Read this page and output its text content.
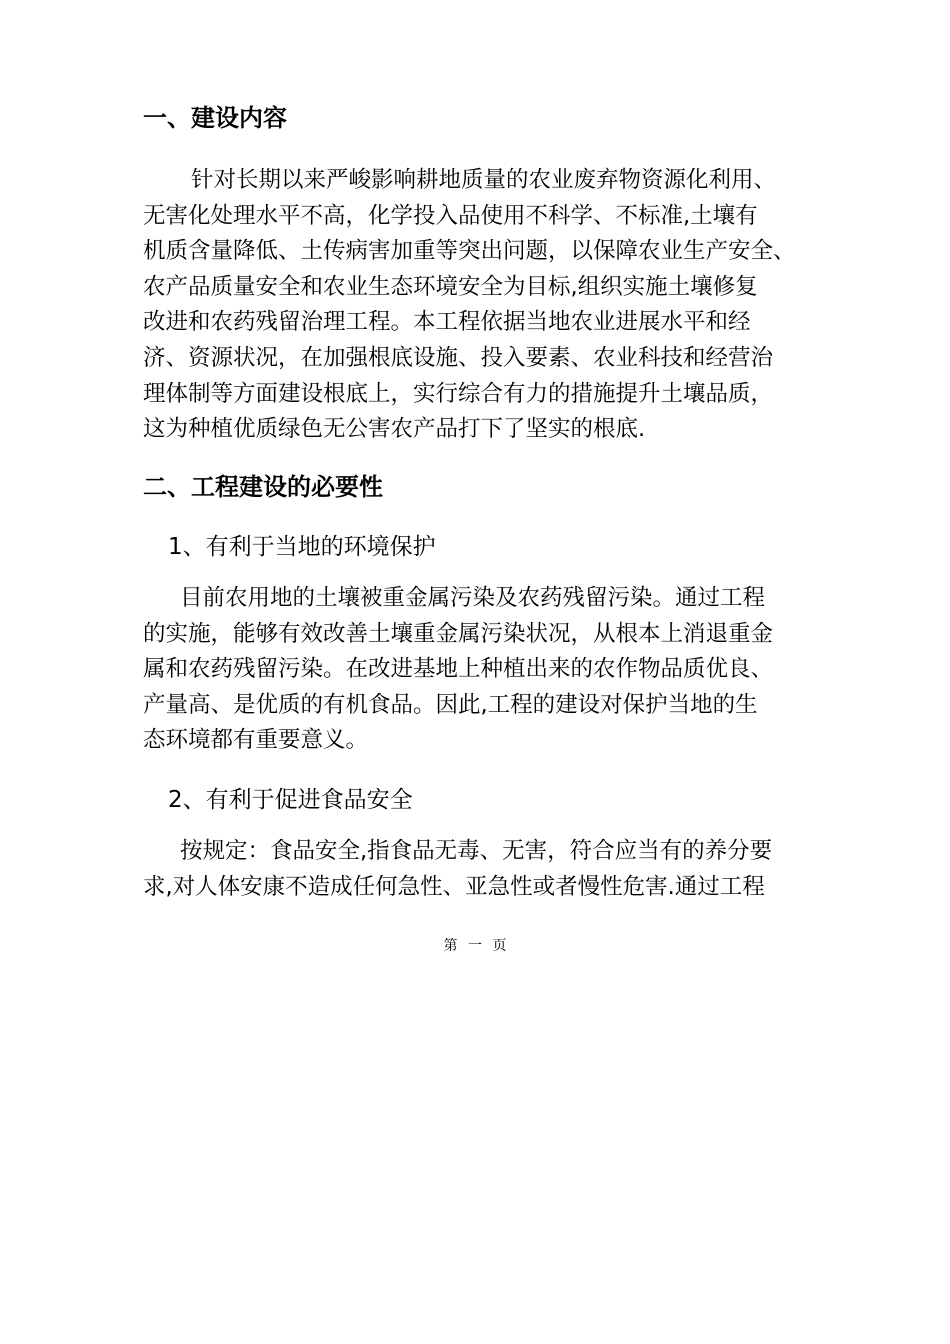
一、建设内容
针对长期以来严峻影响耕地质量的农业废弃物资源化利用、
无害化处理水平不高，化学投入品使用不科学、不标准,土壤有
机质含量降低、土传病害加重等突出问题，以保障农业生产安全、
农产品质量安全和农业生态环境安全为目标,组织实施土壤修复
改进和农药残留治理工程。本工程依据当地农业进展水平和经
济、资源状况，在加强根底设施、投入要素、农业科技和经营治
理体制等方面建设根底上，实行综合有力的措施提升土壤品质，
这为种植优质绿色无公害农产品打下了坚实的根底.
二、工程建设的必要性
1、有利于当地的环境保护
目前农用地的土壤被重金属污染及农药残留污染。通过工程
的实施，能够有效改善土壤重金属污染状况，从根本上消退重金
属和农药残留污染。在改进基地上种植出来的农作物品质优良、
产量高、是优质的有机食品。因此,工程的建设对保护当地的生
态环境都有重要意义。
2、有利于促进食品安全
按规定：食品安全,指食品无毒、无害，符合应当有的养分要
求,对人体安康不造成任何急性、亚急性或者慢性危害.通过工程
第 一 页
